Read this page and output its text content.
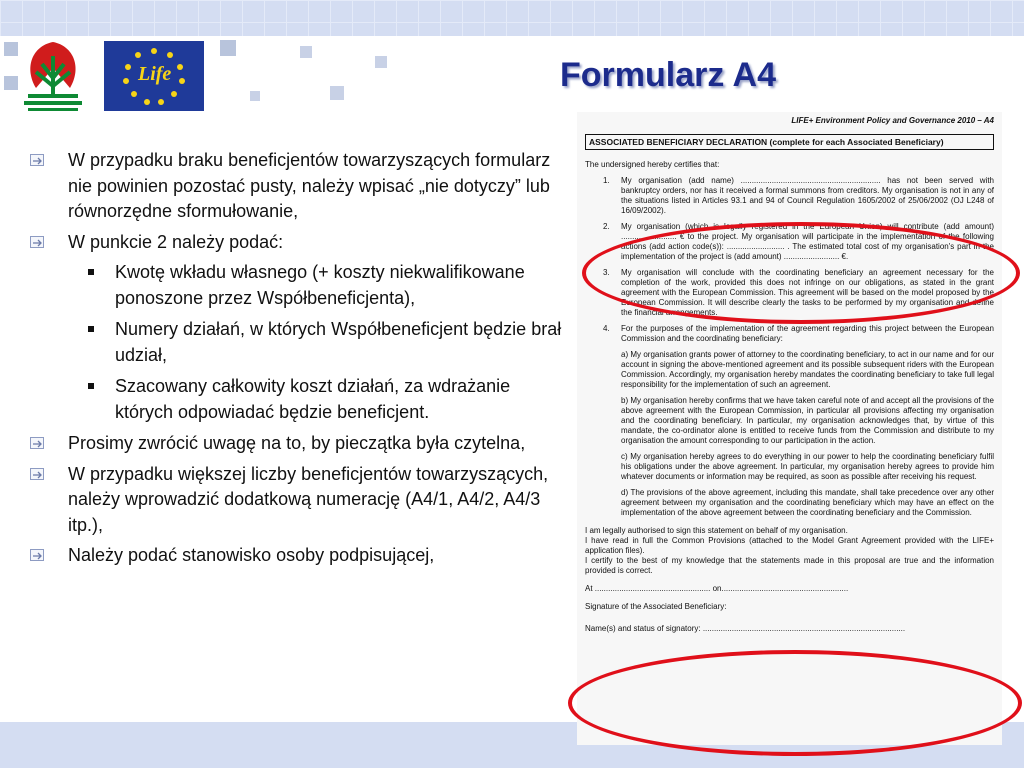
Life	Formularz A4
W przypadku braku beneficjentów towarzyszących formularz nie powinien pozostać pusty, należy wpisać „nie dotyczy” lub równorzędne sformułowanie,
W punkcie 2 należy podać:
Kwotę wkładu własnego (+ koszty niekwalifikowane ponoszone przez Współbeneficjenta),
Numery działań, w których Współbeneficjent będzie brał udział,
Szacowany całkowity koszt działań, za wdrażanie których odpowiadać będzie beneficjent.
Prosimy zwrócić uwagę na to, by pieczątka była czytelna,
W przypadku większej liczby beneficjentów towarzyszących, należy wprowadzić dodatkową numerację (A4/1, A4/2, A4/3 itp.),
Należy podać stanowisko osoby podpisującej,
LIFE+ Environment Policy and Governance 2010 – A4
ASSOCIATED BENEFICIARY DECLARATION (complete for each Associated Beneficiary)
The undersigned hereby certifies that:
1. My organisation (add name) ............................................................... has not been served with bankruptcy orders, nor has it received a formal summons from creditors. My organisation is not in any of the situations listed in Articles 93.1 and 94 of Council Regulation 1605/2002 of 25/06/2002 (OJ L248 of 16/09/2002).
2. My organisation (which is legally registered in the European Union) will contribute (add amount) ......................... € to the project. My organisation will participate in the implementation of the following actions (add action code(s)): .......................... . The estimated total cost of my organisation's part in the implementation of the project is (add amount) ......................... €.
3. My organisation will conclude with the coordinating beneficiary an agreement necessary for the completion of the work, provided this does not infringe on our obligations, as stated in the grant agreement with the European Commission. This agreement will be based on the model proposed by the European Commission. It will describe clearly the tasks to be performed by my organisation and define the financial arrangements.
4. For the purposes of the implementation of the agreement regarding this project between the European Commission and the coordinating beneficiary:
a) My organisation grants power of attorney to the coordinating beneficiary, to act in our name and for our account in signing the above-mentioned agreement and its possible subsequent riders with the European Commission. Accordingly, my organisation hereby mandates the coordinating beneficiary to take full legal responsibility for the implementation of such an agreement.
b) My organisation hereby confirms that we have taken careful note of and accept all the provisions of the above agreement with the European Commission, in particular all provisions affecting my organisation and the coordinating beneficiary. In particular, my organisation acknowledges that, by virtue of this mandate, the co-ordinator alone is entitled to receive funds from the Commission and distribute to my organisation the amount corresponding to our participation in the action.
c) My organisation hereby agrees to do everything in our power to help the coordinating beneficiary fulfil his obligations under the above agreement. In particular, my organisation hereby agrees to provide him whatever documents or information may be required, as soon as possible after receiving his request.
d) The provisions of the above agreement, including this mandate, shall take precedence over any other agreement between my organisation and the coordinating beneficiary which may have an effect on the implementation of the above agreement between the coordinating beneficiary and the Commission.
I am legally authorised to sign this statement on behalf of my organisation.
I have read in full the Common Provisions (attached to the Model Grant Agreement provided with the LIFE+ application files).
I certify to the best of my knowledge that the statements made in this proposal are true and the information provided is correct.
At .................................................... on.........................................................
Signature of the Associated Beneficiary:
Name(s) and status of signatory: ...........................................................................................
